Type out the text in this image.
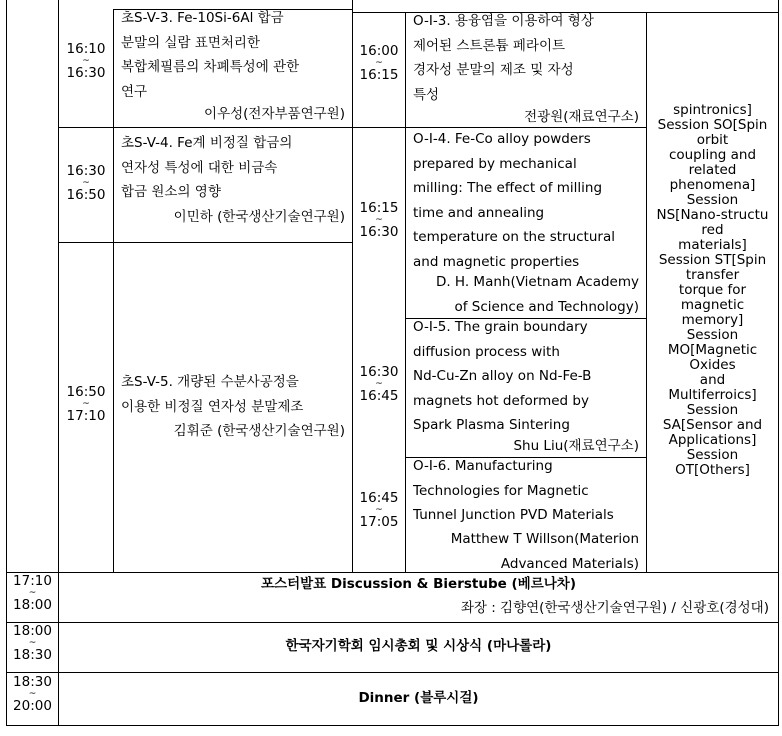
16:10
~
16:30
초S-V-3. Fe-10Si-6Al 합금
분말의 실람 표면처리한
복합체필름의 차폐특성에 관한
연구
이우성(전자부품연구원)
16:30
~
16:50
초S-V-4. Fe계 비정질 합금의
연자성 특성에 대한 비금속
합금 원소의 영향
이민하 (한국생산기술연구원)
16:50
~
17:10
초S-V-5. 개량된 수분사공정을
이용한 비정질 연자성 분말제조
김휘준 (한국생산기술연구원)
16:00
~
16:15
O-I-3. 용융염을 이용하여 형상
제어된 스트론튬 페라이트
경자성 분말의 제조 및 자성
특성
전광원(재료연구소)
16:15
~
16:30
O-I-4. Fe-Co alloy powders
prepared by mechanical
milling: The effect of milling
time and annealing
temperature on the structural
and magnetic properties
D. H. Manh(Vietnam Academy
of Science and Technology)
16:30
~
16:45
O-I-5. The grain boundary
diffusion process with
Nd-Cu-Zn alloy on Nd-Fe-B
magnets hot deformed by
Spark Plasma Sintering
Shu Liu(재료연구소)
16:45
~
17:05
O-I-6. Manufacturing
Technologies for Magnetic
Tunnel Junction PVD Materials
Matthew T Willson(Materion
Advanced Materials)
spintronics]
Session SO[Spin
orbit
coupling and
related
phenomena]
Session
NS[Nano-structu
red
materials]
Session ST[Spin
transfer
torque for
magnetic
memory]
Session
MO[Magnetic
Oxides
and
Multiferroics]
Session
SA[Sensor and
Applications]
Session
OT[Others]
17:10
~
18:00
포스터발표 Discussion & Bierstube (베르나차)
좌장 : 김향연(한국생산기술연구원) / 신광호(경성대)
18:00
~
18:30
한국자기학회 임시총회 및 시상식 (마나롤라)
18:30
~
20:00	Dinner (블루시걸)
